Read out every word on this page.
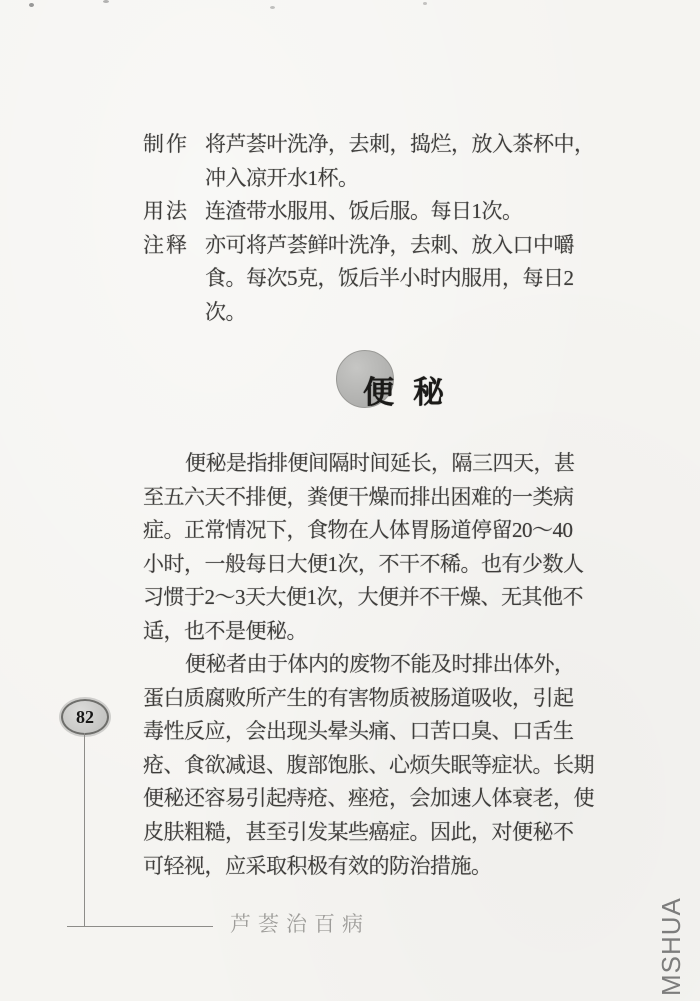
制作 将芦荟叶洗净，去刺，捣烂，放入茶杯中，
冲入凉开水1杯。
用法 连渣带水服用、饭后服。每日1次。
注释 亦可将芦荟鲜叶洗净，去刺、放入口中嚼
食。每次5克，饭后半小时内服用，每日2
次。
便秘
便秘是指排便间隔时间延长，隔三四天，甚
至五六天不排便，粪便干燥而排出困难的一类病
症。正常情况下，食物在人体胃肠道停留20～40
小时，一般每日大便1次，不干不稀。也有少数人
习惯于2～3天大便1次，大便并不干燥、无其他不
适，也不是便秘。
便秘者由于体内的废物不能及时排出体外，
蛋白质腐败所产生的有害物质被肠道吸收，引起
毒性反应，会出现头晕头痛、口苦口臭、口舌生
疮、食欲减退、腹部饱胀、心烦失眠等症状。长期
便秘还容易引起痔疮、痤疮，会加速人体衰老，使
皮肤粗糙，甚至引发某些癌症。因此，对便秘不
可轻视，应采取积极有效的防治措施。
82
芦荟治百病	MSHUA
